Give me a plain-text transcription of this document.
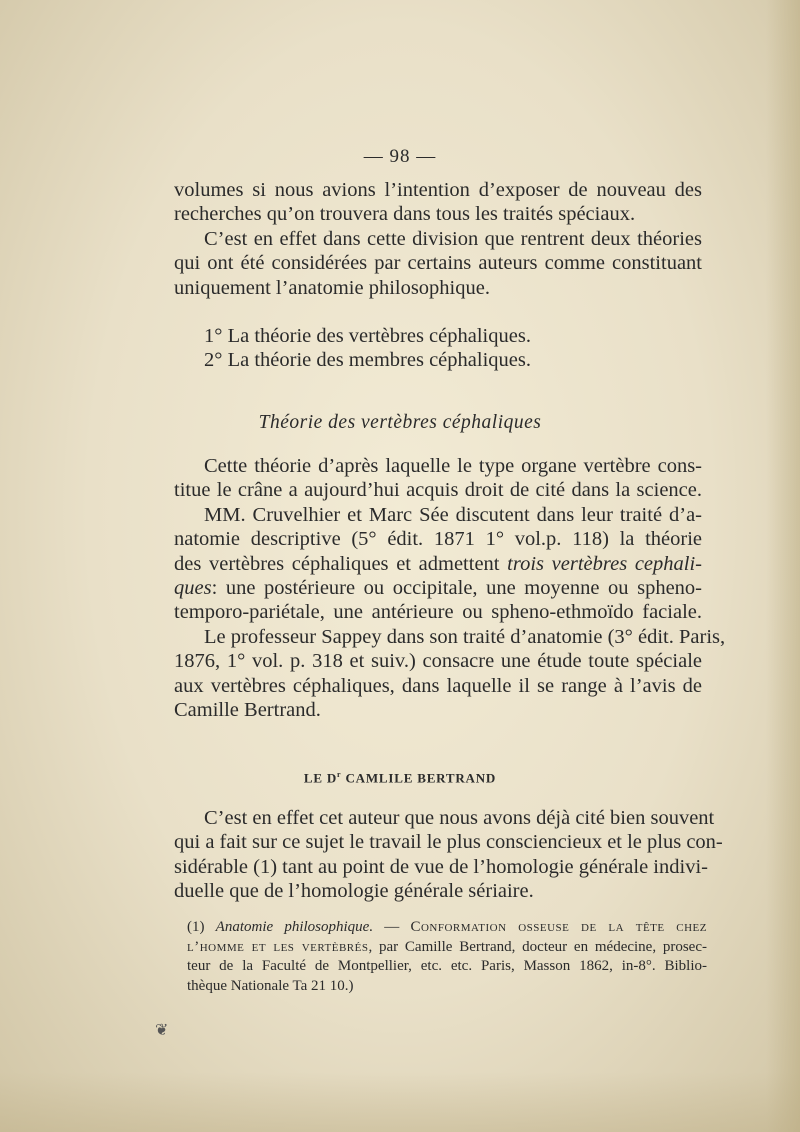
— 98 —
volumes si nous avions l’intention d’exposer de nouveau des
recherches qu’on trouvera dans tous les traités spéciaux.
C’est en effet dans cette division que rentrent deux théories
qui ont été considérées par certains auteurs comme constituant
uniquement l’anatomie philosophique.
1° La théorie des vertèbres céphaliques.
2° La théorie des membres céphaliques.
Théorie des vertèbres céphaliques
Cette théorie d’après laquelle le type organe vertèbre cons-
titue le crâne a aujourd’hui acquis droit de cité dans la science.
MM. Cruvelhier et Marc Sée discutent dans leur traité d’a-
natomie descriptive (5° édit. 1871 1° vol.p. 118) la théorie
des vertèbres céphaliques et admettent trois vertèbres cephali-
ques: une postérieure ou occipitale, une moyenne ou spheno-
temporo-pariétale, une antérieure ou spheno-ethmoïdo faciale.
Le professeur Sappey dans son traité d’anatomie (3° édit. Paris,
1876, 1° vol. p. 318 et suiv.) consacre une étude toute spéciale
aux vertèbres céphaliques, dans laquelle il se range à l’avis de
Camille Bertrand.
LE $D^r$ CAMLILE BERTRAND
C’est en effet cet auteur que nous avons déjà cité bien souvent
qui a fait sur ce sujet le travail le plus consciencieux et le plus con-
sidérable (1) tant au point de vue de l’homologie générale indivi-
duelle que de l’homologie générale sériaire.
(1) Anatomie philosophique. — Conformation osseuse de la tête chez
l’homme et les vertèbrés, par Camille Bertrand, docteur en médecine, prosec-
teur de la Faculté de Montpellier, etc. etc. Paris, Masson 1862, in-8°. Biblio-
thèque Nationale Ta 21 10.)
❦
